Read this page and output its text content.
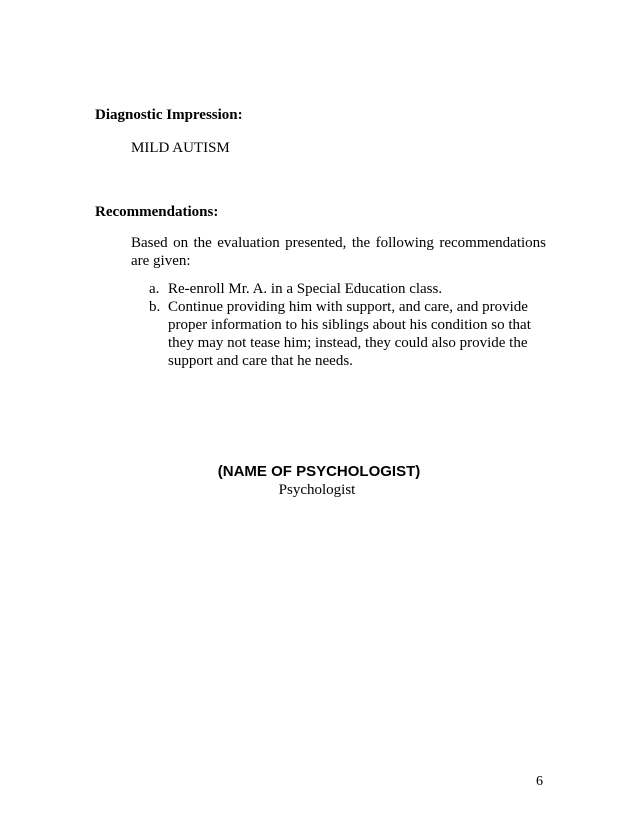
Diagnostic Impression:
MILD AUTISM
Recommendations:
Based on the evaluation presented, the following recommendations are given:
a. Re-enroll Mr. A. in a Special Education class.
b. Continue providing him with support, and care, and provide proper information to his siblings about his condition so that they may not tease him; instead, they could also provide the support and care that he needs.
(NAME OF PSYCHOLOGIST)
Psychologist
6
